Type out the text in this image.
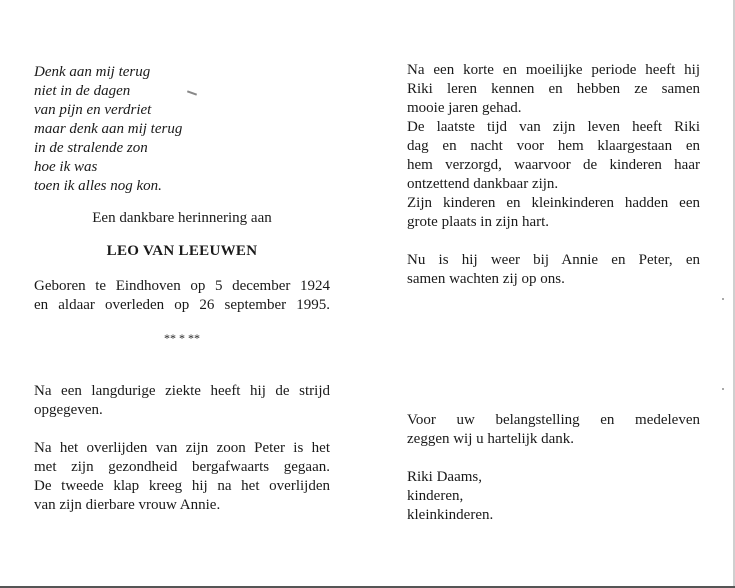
Denk aan mij terug
niet in de dagen
van pijn en verdriet
maar denk aan mij terug
in de stralende zon
hoe ik was
toen ik alles nog kon.
Een dankbare herinnering aan
LEO VAN LEEUWEN
Geboren te Eindhoven op 5 december 1924
en aldaar overleden op 26 september 1995.
** * **
Na een langdurige ziekte heeft hij de strijd
opgegeven.
Na het overlijden van zijn zoon Peter is het
met zijn gezondheid bergafwaarts gegaan.
De tweede klap kreeg hij na het overlijden
van zijn dierbare vrouw Annie.
Na een korte en moeilijke periode heeft hij
Riki leren kennen en hebben ze samen
mooie jaren gehad.
De laatste tijd van zijn leven heeft Riki
dag en nacht voor hem klaargestaan en
hem verzorgd, waarvoor de kinderen haar
ontzettend dankbaar zijn.
Zijn kinderen en kleinkinderen hadden een
grote plaats in zijn hart.
Nu is hij weer bij Annie en Peter, en
samen wachten zij op ons.
Voor uw belangstelling en medeleven
zeggen wij u hartelijk dank.
Riki Daams,
kinderen,
kleinkinderen.
